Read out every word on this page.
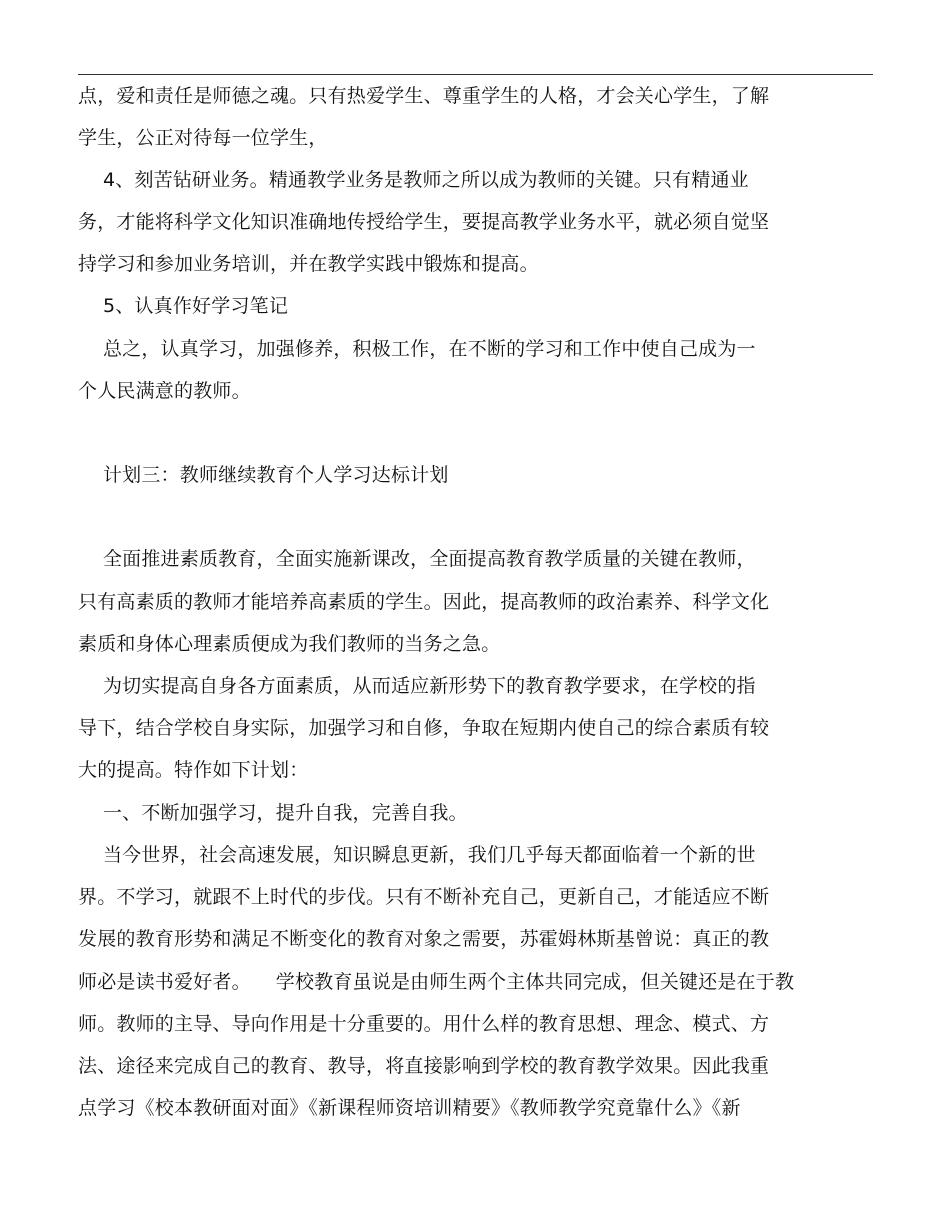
点，爱和责任是师德之魂。只有热爱学生、尊重学生的人格，才会关心学生，了解
学生，公正对待每一位学生，
4、刻苦钻研业务。精通教学业务是教师之所以成为教师的关键。只有精通业
务，才能将科学文化知识准确地传授给学生，要提高教学业务水平，就必须自觉坚
持学习和参加业务培训，并在教学实践中锻炼和提高。
5、认真作好学习笔记
总之，认真学习，加强修养，积极工作，在不断的学习和工作中使自己成为一
个人民满意的教师。
计划三：教师继续教育个人学习达标计划
全面推进素质教育，全面实施新课改，全面提高教育教学质量的关键在教师，
只有高素质的教师才能培养高素质的学生。因此，提高教师的政治素养、科学文化
素质和身体心理素质便成为我们教师的当务之急。
为切实提高自身各方面素质，从而适应新形势下的教育教学要求，在学校的指
导下，结合学校自身实际，加强学习和自修，争取在短期内使自己的综合素质有较
大的提高。特作如下计划：
一、不断加强学习，提升自我，完善自我。
当今世界，社会高速发展，知识瞬息更新，我们几乎每天都面临着一个新的世
界。不学习，就跟不上时代的步伐。只有不断补充自己，更新自己，才能适应不断
发展的教育形势和满足不断变化的教育对象之需要，苏霍姆林斯基曾说：真正的教
师必是读书爱好者。    学校教育虽说是由师生两个主体共同完成，但关键还是在于教
师。教师的主导、导向作用是十分重要的。用什么样的教育思想、理念、模式、方
法、途径来完成自己的教育、教导，将直接影响到学校的教育教学效果。因此我重
点学习《校本教研面对面》《新课程师资培训精要》《教师教学究竟靠什么》《新
